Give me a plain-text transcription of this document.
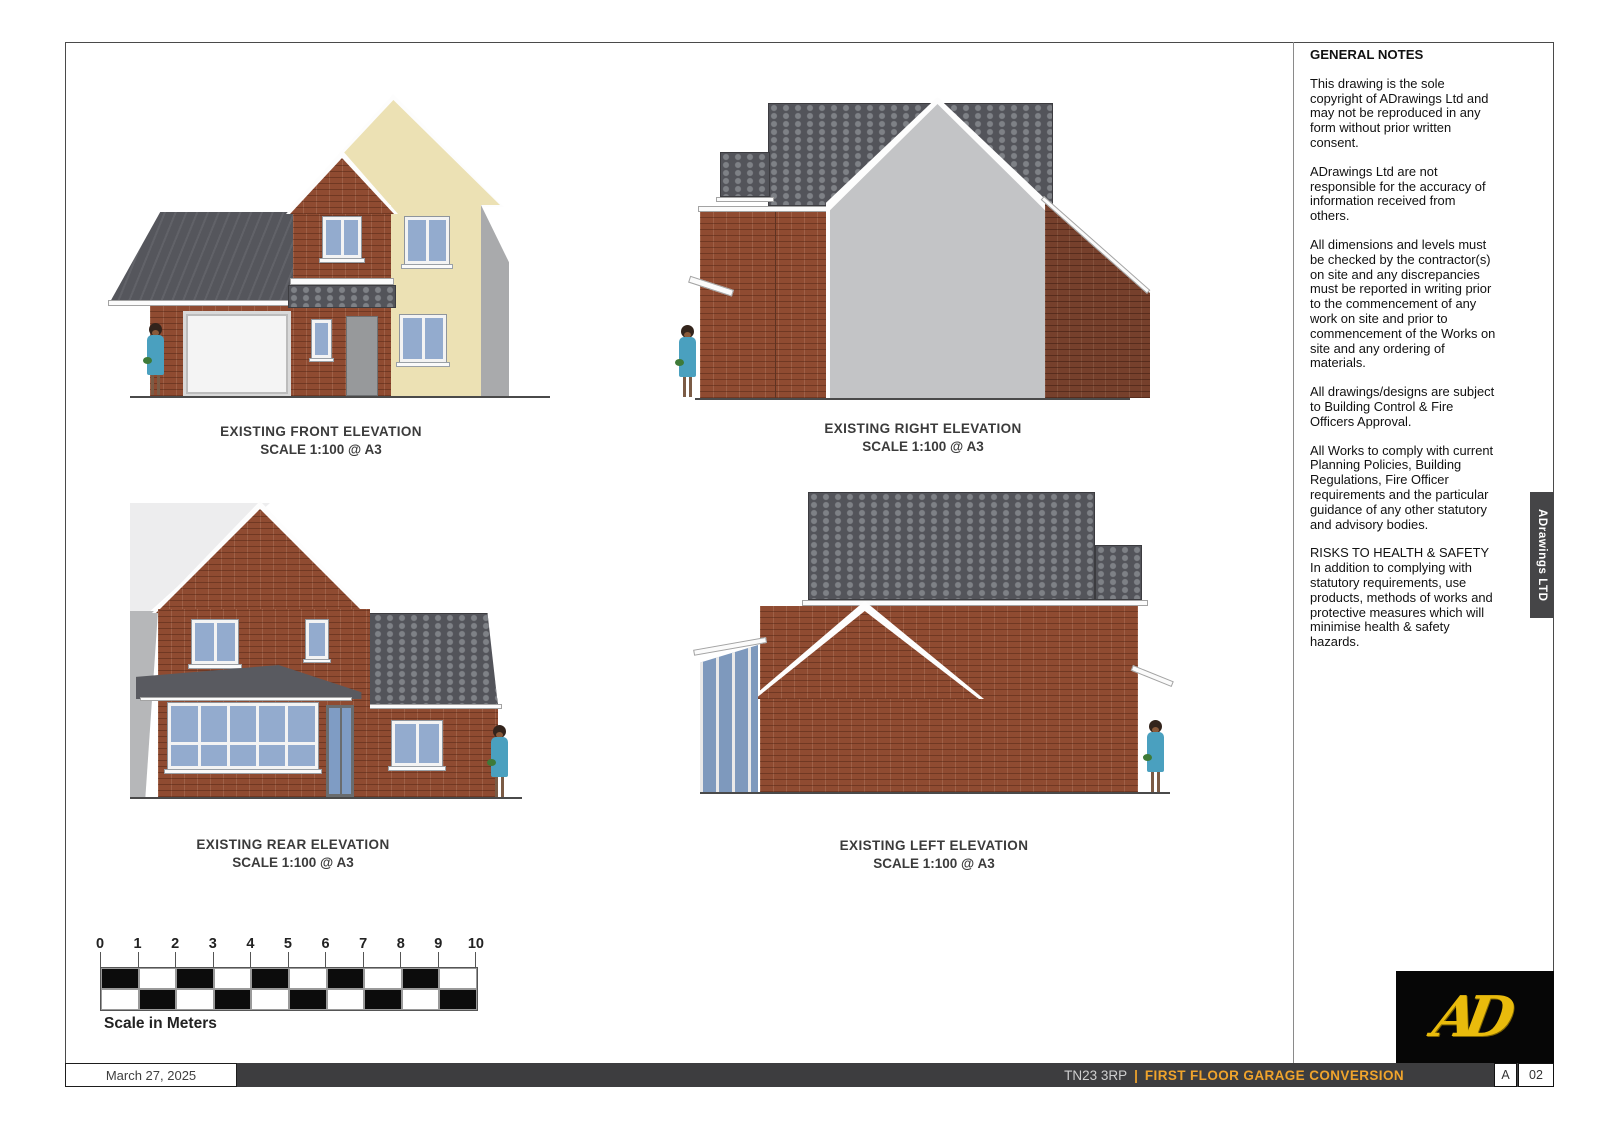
EXISTING FRONT ELEVATION
SCALE 1:100 @ A3
EXISTING RIGHT ELEVATION
SCALE 1:100 @ A3
EXISTING REAR ELEVATION
SCALE 1:100 @ A3
EXISTING LEFT ELEVATION
SCALE 1:100 @ A3
GENERAL NOTES

This drawing is the sole copyright of ADrawings Ltd and may not be reproduced in any form without prior written consent.

ADrawings Ltd are not responsible for the accuracy of information received from others.

All dimensions and levels must be checked by the contractor(s) on site and any discrepancies must be reported in writing prior to the commencement of any work on site and prior to commencement of the Works on site and any ordering of materials.

All drawings/designs are subject to Building Control & Fire Officers Approval.

All Works to comply with current Planning Policies, Building Regulations, Fire Officer requirements and the particular guidance of any other statutory and advisory bodies.

RISKS TO HEALTH & SAFETY In addition to complying with statutory requirements, use products, methods of works and protective measures which will minimise health & safety hazards.

ADrawings LTD
0	1	2	3	4	5	6	7	8	9	10
Scale in Meters	AD
March 27, 2025	TN23 3RP | FIRST FLOOR GARAGE CONVERSION	A 02
